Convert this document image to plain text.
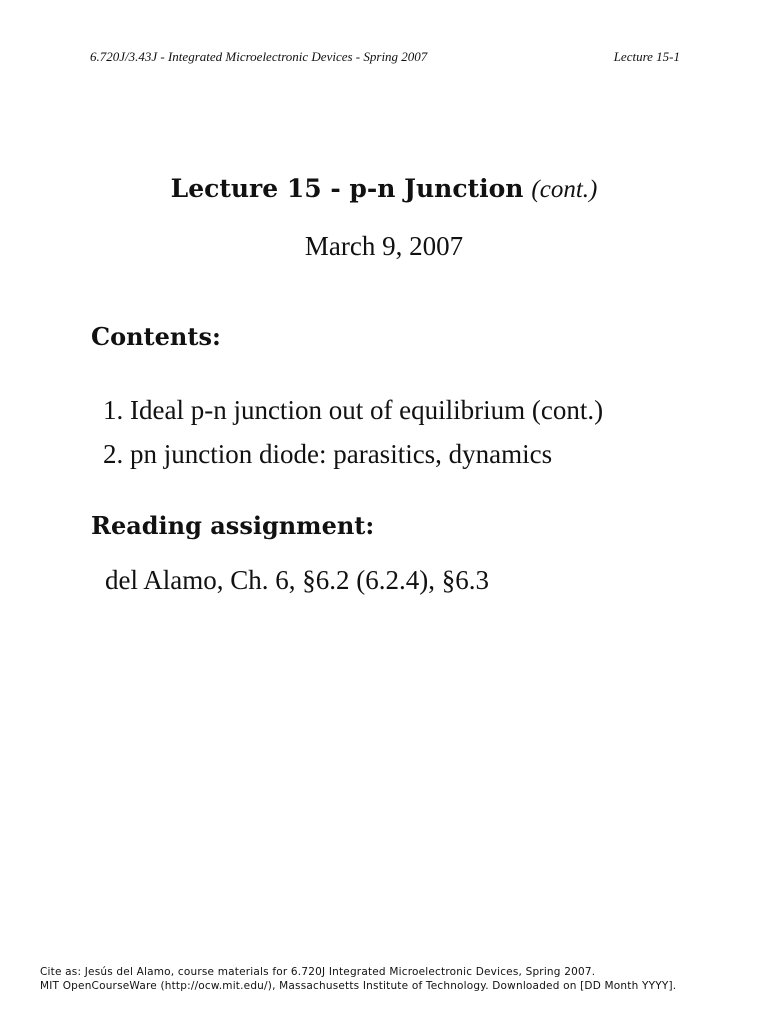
6.720J/3.43J - Integrated Microelectronic Devices - Spring 2007	Lecture 15-1
Lecture 15 - p-n Junction (cont.)
March 9, 2007
Contents:
1. Ideal p-n junction out of equilibrium (cont.)
2. pn junction diode: parasitics, dynamics
Reading assignment:
del Alamo, Ch. 6, §6.2 (6.2.4), §6.3
Cite as: Jesús del Alamo, course materials for 6.720J Integrated Microelectronic Devices, Spring 2007.
MIT OpenCourseWare (http://ocw.mit.edu/), Massachusetts Institute of Technology. Downloaded on [DD Month YYYY].
